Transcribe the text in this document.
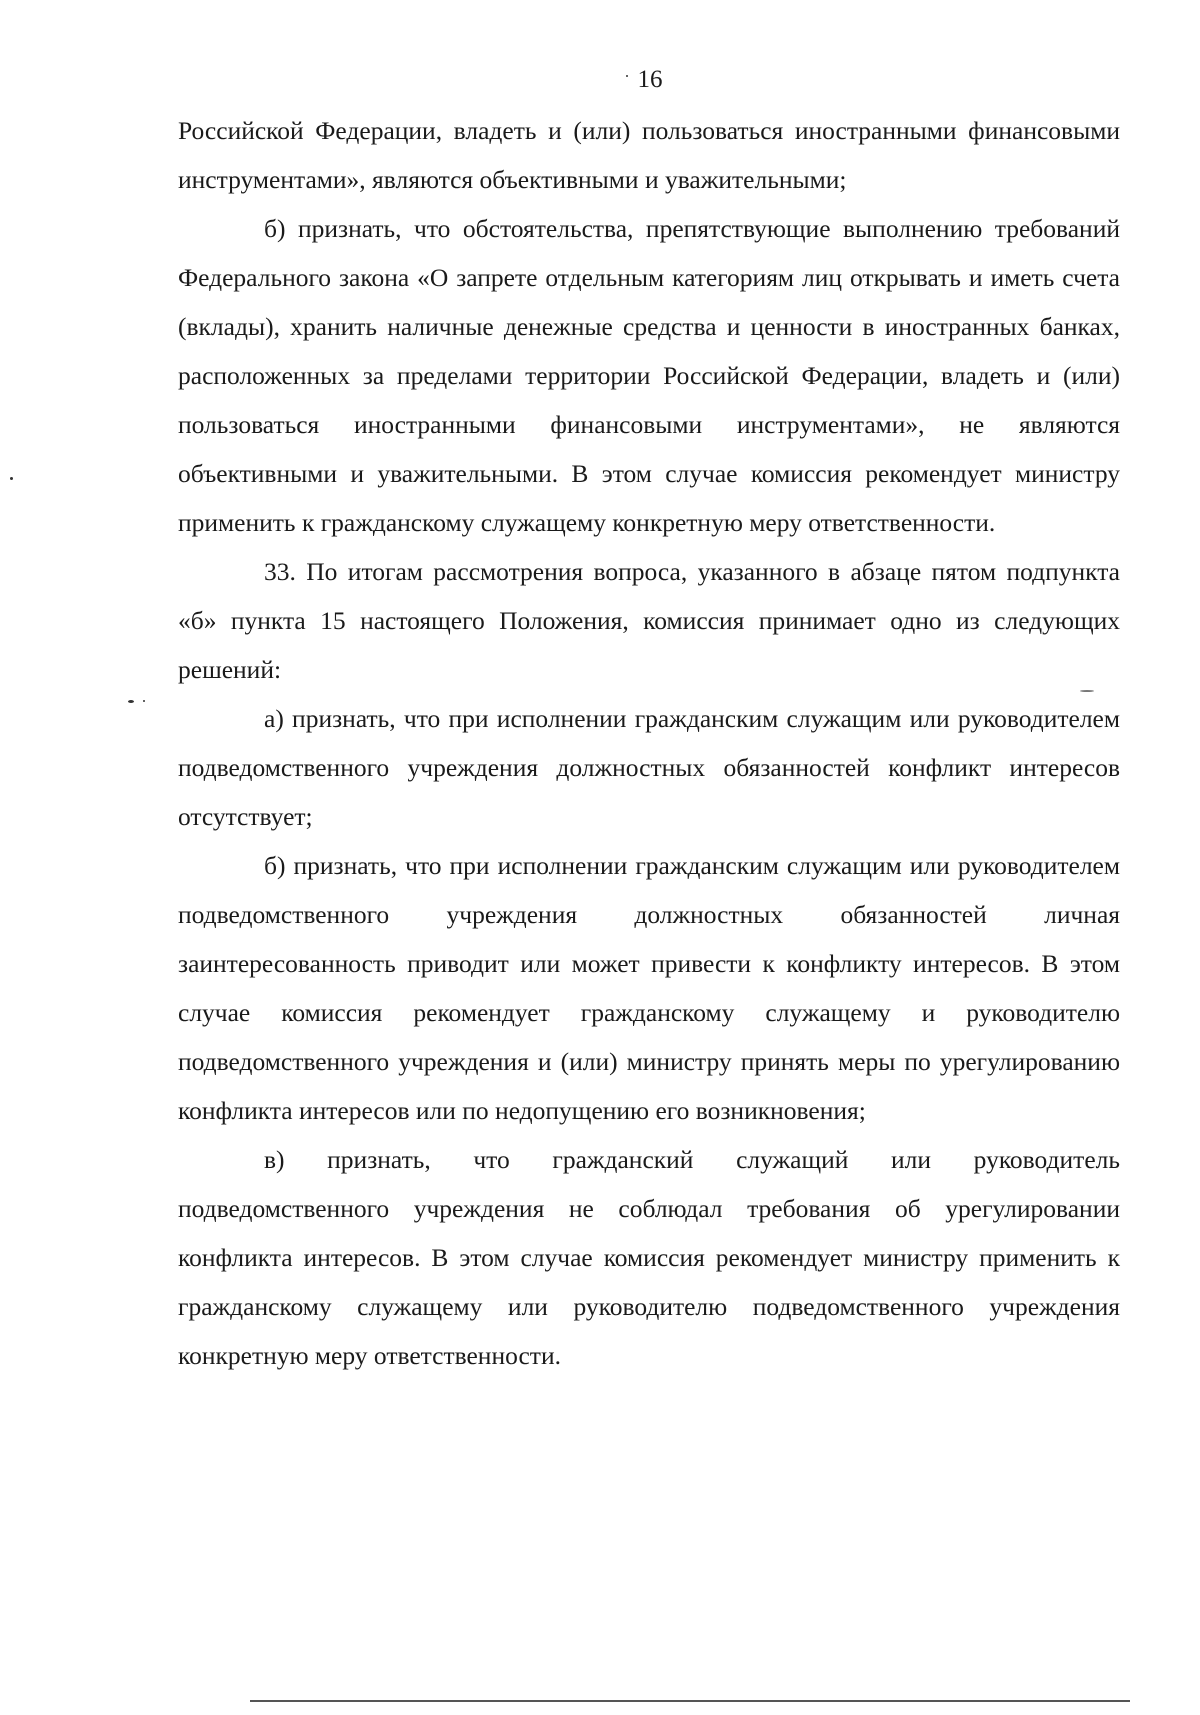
16

Российской Федерации, владеть и (или) пользоваться иностранными финансовыми инструментами», являются объективными и уважительными;

б) признать, что обстоятельства, препятствующие выполнению требований Федерального закона «О запрете отдельным категориям лиц открывать и иметь счета (вклады), хранить наличные денежные средства и ценности в иностранных банках, расположенных за пределами территории Российской Федерации, владеть и (или) пользоваться иностранными финансовыми инструментами», не являются объективными и уважительными. В этом случае комиссия рекомендует министру применить к гражданскому служащему конкретную меру ответственности.

33. По итогам рассмотрения вопроса, указанного в абзаце пятом подпункта «б» пункта 15 настоящего Положения, комиссия принимает одно из следующих решений:

а) признать, что при исполнении гражданским служащим или руководителем подведомственного учреждения должностных обязанностей конфликт интересов отсутствует;

б) признать, что при исполнении гражданским служащим или руководителем подведомственного учреждения должностных обязанностей личная заинтересованность приводит или может привести к конфликту интересов. В этом случае комиссия рекомендует гражданскому служащему и руководителю подведомственного учреждения и (или) министру принять меры по урегулированию конфликта интересов или по недопущению его возникновения;

в) признать, что гражданский служащий или руководитель подведомственного учреждения не соблюдал требования об урегулировании конфликта интересов. В этом случае комиссия рекомендует министру применить к гражданскому служащему или руководителю подведомственного учреждения конкретную меру ответственности.
